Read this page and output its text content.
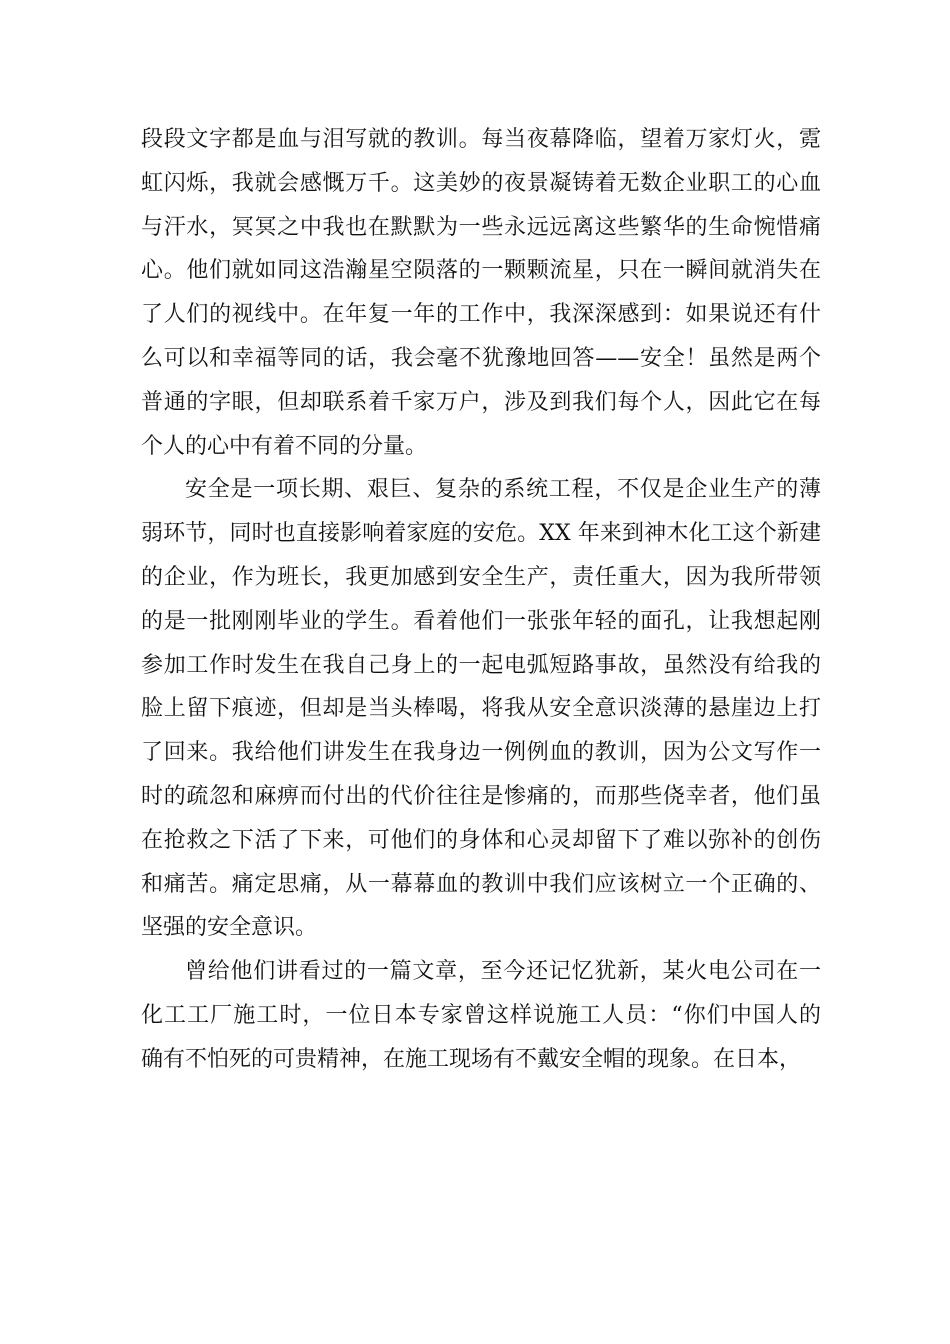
段段文字都是血与泪写就的教训。每当夜幕降临，望着万家灯火，霓
虹闪烁，我就会感慨万千。这美妙的夜景凝铸着无数企业职工的心血
与汗水，冥冥之中我也在默默为一些永远远离这些繁华的生命惋惜痛
心。他们就如同这浩瀚星空陨落的一颗颗流星，只在一瞬间就消失在
了人们的视线中。在年复一年的工作中，我深深感到：如果说还有什
么可以和幸福等同的话，我会毫不犹豫地回答——安全！虽然是两个
普通的字眼，但却联系着千家万户，涉及到我们每个人，因此它在每
个人的心中有着不同的分量。
安全是一项长期、艰巨、复杂的系统工程，不仅是企业生产的薄
弱环节，同时也直接影响着家庭的安危。XX 年来到神木化工这个新建
的企业，作为班长，我更加感到安全生产，责任重大，因为我所带领
的是一批刚刚毕业的学生。看着他们一张张年轻的面孔，让我想起刚
参加工作时发生在我自己身上的一起电弧短路事故，虽然没有给我的
脸上留下痕迹，但却是当头棒喝，将我从安全意识淡薄的悬崖边上打
了回来。我给他们讲发生在我身边一例例血的教训，因为公文写作一
时的疏忽和麻痹而付出的代价往往是惨痛的，而那些侥幸者，他们虽
在抢救之下活了下来，可他们的身体和心灵却留下了难以弥补的创伤
和痛苦。痛定思痛，从一幕幕血的教训中我们应该树立一个正确的、
坚强的安全意识。
曾给他们讲看过的一篇文章，至今还记忆犹新，某火电公司在一
化工工厂施工时，一位日本专家曾这样说施工人员：“你们中国人的
确有不怕死的可贵精神，在施工现场有不戴安全帽的现象。在日本，
